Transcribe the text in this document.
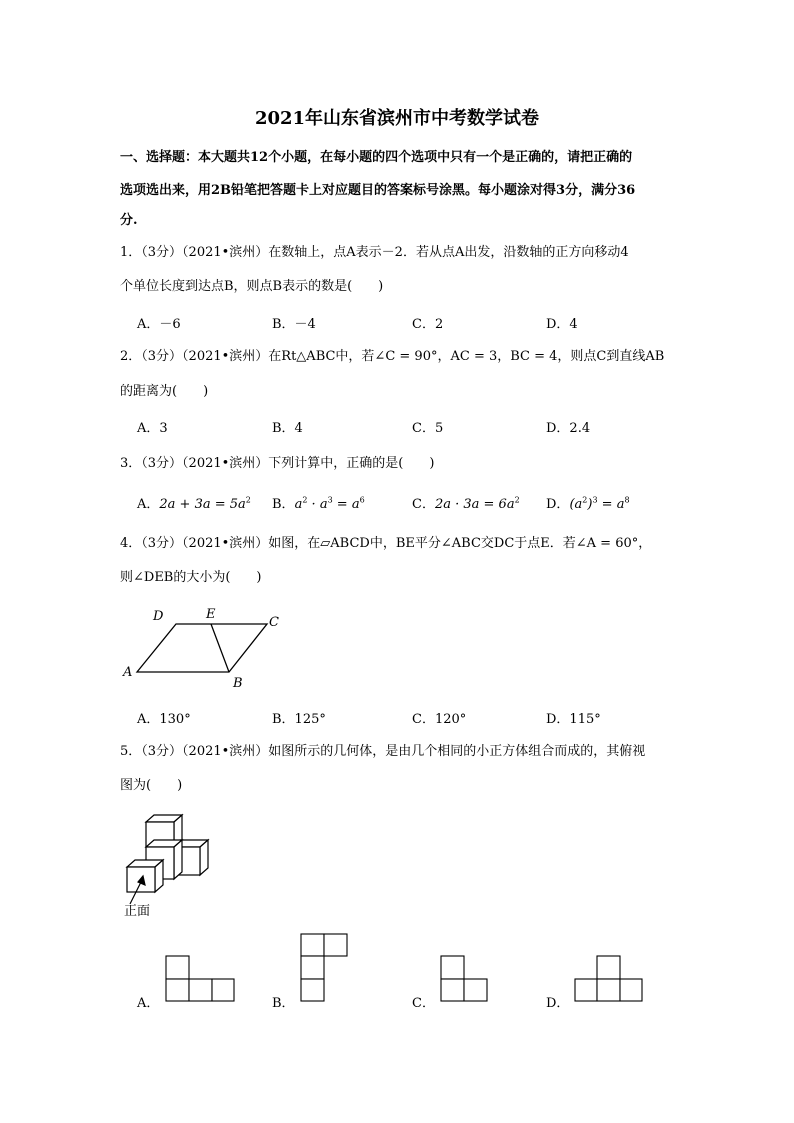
2021年山东省滨州市中考数学试卷
一、选择题：本大题共12个小题，在每小题的四个选项中只有一个是正确的，请把正确的
选项选出来，用2B铅笔把答题卡上对应题目的答案标号涂黑。每小题涂对得3分，满分36
分.
1．（3分）（2021•滨州）在数轴上，点A表示－2．若从点A出发，沿数轴的正方向移动4
个单位长度到达点B，则点B表示的数是(　　)
A．－6	B．－4	C．2	D．4
2．（3分）（2021•滨州）在Rt△ABC中，若∠C = 90°，AC = 3，BC = 4，则点C到直线AB
的距离为(　　)
A．3	B．4	C．5	D．2.4
3．（3分）（2021•滨州）下列计算中，正确的是(　　)
A．$2a + 3a = 5a^2$ B．$a^2 \cdot a^3 = a^6$	C．$2a \cdot 3a = 6a^2$ D．$(a^2)^3 = a^8$
4．（3分）（2021•滨州）如图，在▱ABCD中，BE平分∠ABC交DC于点E．若∠A = 60°，
则∠DEB的大小为(　　)
A
B
C
D	E
A．130°	B．125°	C．120°	D．115°
5．（3分）（2021•滨州）如图所示的几何体，是由几个相同的小正方体组合而成的，其俯视
图为(　　)
正面
A．	B．	C．	D．
